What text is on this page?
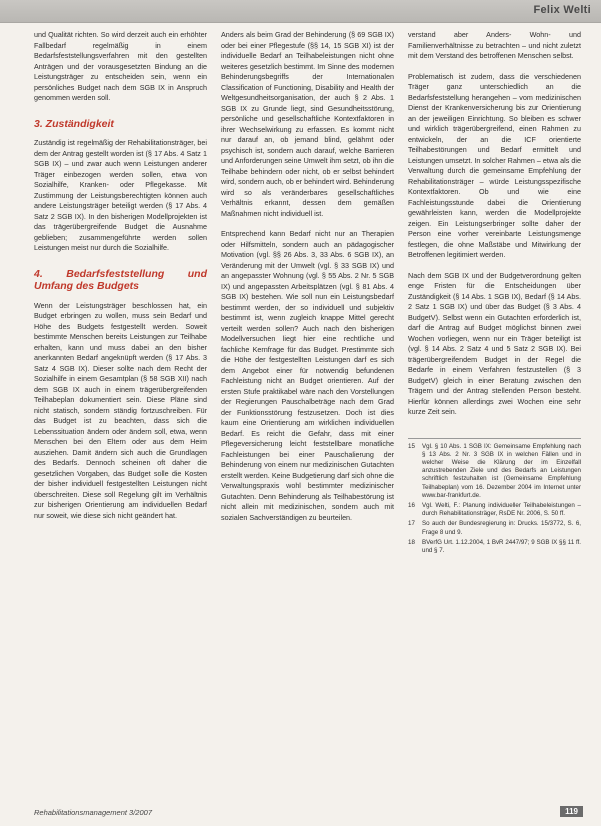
Felix Welti

und Qualität richten. So wird derzeit auch ein erhöhter Fallbedarf regelmäßig in einem Bedarfsfeststellungsverfahren mit den gestellten Anträgen und der vorausgesetzten Bindung an die Leistungsträger zu entscheiden sein, wenn ein persönliches Budget nach dem SGB IX in Anspruch genommen werden soll.

3. Zuständigkeit

Zuständig ist regelmäßig der Rehabilitationsträger, bei dem der Antrag gestellt worden ist (§ 17 Abs. 4 Satz 1 SGB IX) – und zwar auch wenn Leistungen anderer Träger einbezogen werden sollen, etwa von Sozialhilfe, Kranken- oder Pflegekasse. Mit Zustimmung der Leistungsberechtigten können auch andere Leistungsträger beteiligt werden (§ 17 Abs. 4 Satz 2 SGB IX). In den bisherigen Modellprojekten ist das trägerübergreifende Budget die Ausnahme geblieben; zusammengeführte werden sollen Leistungen meist nur durch die Sozialhilfe.

4. Bedarfsfeststellung und Umfang des Budgets

Wenn der Leistungsträger beschlossen hat, ein Budget erbringen zu wollen, muss sein Bedarf und Höhe des Budgets festgestellt werden. Soweit bestimmte Menschen bereits Leistungen zur Teilhabe erhalten, kann und muss dabei an den bisher anerkannten Bedarf angeknüpft werden (§ 17 Abs. 3 Satz 4 SGB IX). Dieser sollte nach dem Recht der Sozialhilfe in einem Gesamtplan (§ 58 SGB XII) nach dem SGB IX auch in einem trägerübergreifenden Teilhabeplan dokumentiert sein. Diese Pläne sind nicht statisch, sondern ständig fortzuschreiben. Für das Budget ist zu beachten, dass sich die Lebenssituation ändern oder ändern soll, etwa, wenn Menschen bei den Eltern oder aus dem Heim ausziehen. Damit ändern sich auch die Grundlagen des Bedarfs. Dennoch scheinen oft daher die gesetzlichen Vorgaben, das Budget solle die Kosten der bisher individuell festgestellten Leistungen nicht überschreiten. Diese soll Regelung gilt im Verhältnis zur bisherigen Orientierung am individuellen Bedarf nur soweit, wie diese sich nicht geändert hat.

Anders als beim Grad der Behinderung (§ 69 SGB IX) oder bei einer Pflegestufe (§§ 14, 15 SGB XI) ist der individuelle Bedarf an Teilhabeleistungen nicht ohne weiteres gesetzlich bestimmt. Im Sinne des modernen Behinderungsbegriffs der Internationalen Classification of Functioning, Disability and Health der Weltgesundheitsorganisation, der auch § 2 Abs. 1 SGB IX zu Grunde liegt, sind Gesundheitsstörung, persönliche und gesellschaftliche Kontextfaktoren in ihrer Wechselwirkung zu erfassen. Es kommt nicht nur darauf an, ob jemand blind, gelähmt oder psychisch ist, sondern auch darauf, welche Barrieren und Anforderungen seine Umwelt ihm setzt, ob ihn die Teilhabe behindern oder nicht, ob er selbst behindert wird, sondern auch, ob er behindert wird. Behinderung wird so als veränderbares gesellschaftliches Verhältnis erkannt, dessen dem gemäßen Maßnahmen nicht individuell ist.

Entsprechend kann Bedarf nicht nur an Therapien oder Hilfsmitteln, sondern auch an pädagogischer Motivation (vgl. §§ 26 Abs. 3, 33 Abs. 6 SGB IX), an Veränderung mit der Umwelt (vgl. § 33 SGB IX) und an angepasster Wohnung (vgl. § 55 Abs. 2 Nr. 5 SGB IX) und angepassten Arbeitsplätzen (vgl. § 81 Abs. 4 SGB IX) bestehen. Wie soll nun ein Leistungsbedarf bestimmt werden, der so individuell und subjektiv bestimmt ist, wenn zugleich knappe Mittel gerecht verteilt werden sollen? Auch nach den bisherigen Modellversuchen liegt hier eine rechtliche und fachliche Kernfrage für das Budget. Prestimmte sich die Höhe der festgestellten Leistungen darf es sich dem Angebot einer für notwendig befundenen Fachleistung nicht an Budget orientieren. Auf der ersten Stufe praktikabel wäre nach den Vorstellungen der Regierungen Pauschalbeträge nach dem Grad der Funktionsstörung festzusetzen. Doch ist dies kaum eine Orientierung am wirklichen individuellen Bedarf. Es reicht die Gefahr, dass mit einer Pflegeversicherung leicht feststellbare monatliche Fachleistungen bei einer Pauschalierung der Behinderung von einem nur medizinischen Gutachten erstellt werden. Keine Budgetierung darf sich ohne die Verwaltungspraxis wohl bestimmter medizinischer Gutachten. Denn Behinderung als Teilhabestörung ist nicht allein mit medizinischen, sondern auch mit sozialen Sachverständigen zu beurteilen.

verstand aber Anders- Wohn- und Familienverhältnisse zu betrachten – und nicht zuletzt mit dem Verstand des betroffenen Menschen selbst.

Problematisch ist zudem, dass die verschiedenen Träger ganz unterschiedlich an die Bedarfsfeststellung herangehen – vom medizinischen Dienst der Krankenversicherung bis zur Orientierung an der jeweiligen Einrichtung. So bleiben es schwer und wirklich trägerübergreifend, einen Rahmen zu entwickeln, der an die ICF orientierte Teilhabestörungen und Bedarf ermittelt und Leistungen umsetzt. In solcher Rahmen – etwa als die Verwaltung durch die gemeinsame Empfehlung der Rehabilitationsträger – würde Leistungsspezifische Kontextfaktoren. Ob und wie eine Fachleistungsstunde dabei die Orientierung gewährleisten kann, werden die Modellprojekte zeigen. Ein Leistungserbringer sollte daher der Person eine vorher vereinbarte Leistungsmenge festlegen, die ohne Maßstäbe und Mitwirkung der Betroffenen legitimiert werden.

Nach dem SGB IX und der Budgetverordnung gelten enge Fristen für die Entscheidungen über Zuständigkeit (§ 14 Abs. 1 SGB IX), Bedarf (§ 14 Abs. 2 Satz 1 SGB IX) und über das Budget (§ 3 Abs. 4 BudgetV). Selbst wenn ein Gutachten erforderlich ist, darf die Antrag auf Budget möglichst binnen zwei Wochen vorliegen, wenn nur ein Träger beteiligt ist (vgl. § 14 Abs. 2 Satz 4 und 5 Satz 2 SGB IX). Bei trägerübergreifendem Budget in der Regel die Bedarfe in einem Verfahren festzustellen (§ 3 BudgetV) gleich in einer Beratung zwischen den Trägern und der Antrag stellenden Person besteht. Hierfür können allerdings zwei Wochen eine sehr kurze Zeit sein.

15	Vgl. § 10 Abs. 1 SGB IX: Gemeinsame Empfehlung nach § 13 Abs. 2 Nr. 3 SGB IX in welchen Fällen und in welcher Weise die Klärung der im Einzelfall anzustrebenden Ziele und des Bedarfs an Leistungen schriftlich festzuhalten ist (Gemeinsame Empfehlung Teilhabeplan) vom 16. Dezember 2004 im Internet unter www.bar-frankfurt.de.
16	Vgl. Welti, F.: Planung individueller Teilhabeleistungen – durch Rehabilitationsträger, RsDE Nr. 2006, S. 50 ff.
17	So auch der Bundesregierung in: Drucks. 15/3772, S. 6, Frage 8 und 9.
18	BVerfG Urt. 1.12.2004, 1 BvR 2447/97; 9 SGB IX §§ 11 ff. und § 7.
Rehabilitationsmanagement 3/2007	119
